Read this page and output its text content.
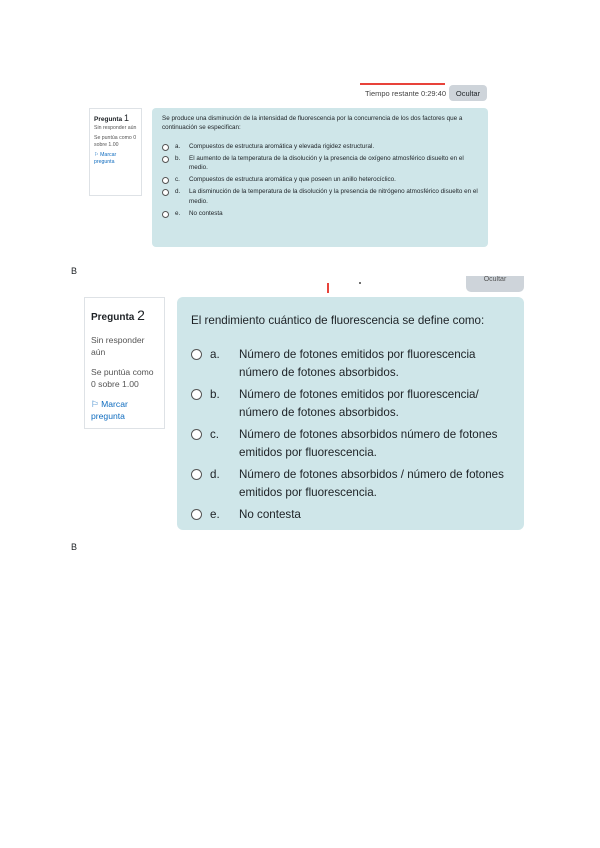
Tiempo restante 0:29:40	Ocultar
Pregunta 1
Sin responder aún
Se puntúa como 0 sobre 1.00
⚐ Marcar pregunta
Se produce una disminución de la intensidad de fluorescencia por la concurrencia de los dos factores que a continuación se especifican:
a.	Compuestos de estructura aromática y elevada rigidez estructural.
b.	El aumento de la temperatura de la disolución y la presencia de oxígeno atmosférico disuelto en el medio.
c.	Compuestos de estructura aromática y que poseen un anillo heterocíclico.
d.	La disminución de la temperatura de la disolución y la presencia de nitrógeno atmosférico disuelto en el medio.
e.	No contesta
B
Ocultar
Pregunta 2
Sin responder aún
Se puntúa como 0 sobre 1.00
⚐ Marcar pregunta
El rendimiento cuántico de fluorescencia se define como:
a.	Número de fotones emitidos por fluorescencia número de fotones absorbidos.
b.	Número de fotones emitidos por fluorescencia/ número de fotones absorbidos.
c.	Número de fotones absorbidos número de fotones emitidos por fluorescencia.
d.	Número de fotones absorbidos / número de fotones emitidos por fluorescencia.
e.	No contesta
B
